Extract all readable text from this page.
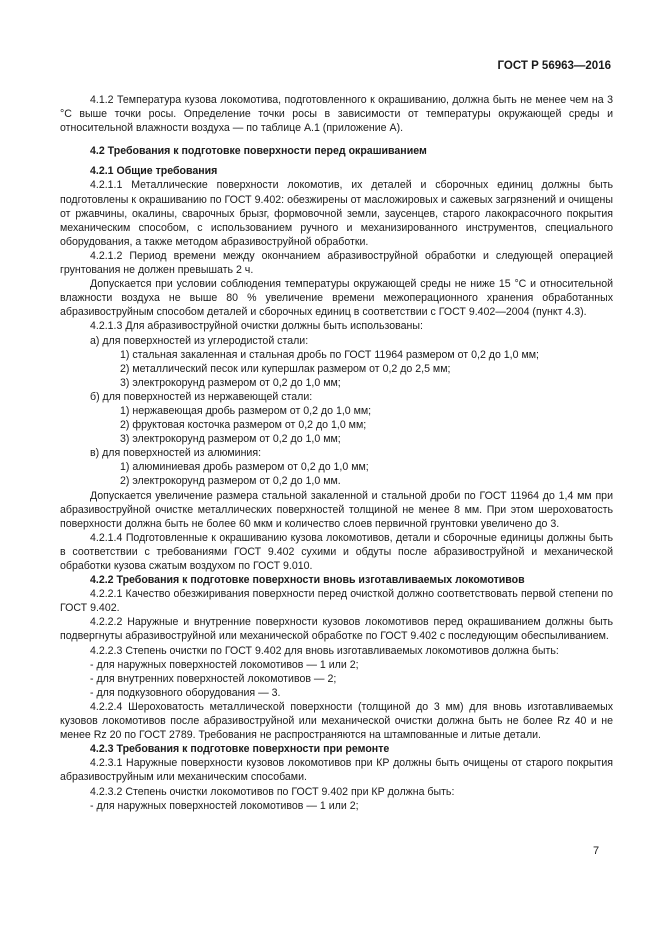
ГОСТ Р 56963—2016

4.1.2 Температура кузова локомотива, подготовленного к окрашиванию, должна быть не менее чем на 3 °С выше точки росы. Определение точки росы в зависимости от температуры окружающей среды и относительной влажности воздуха — по таблице А.1 (приложение А).

4.2 Требования к подготовке поверхности перед окрашиванием

4.2.1 Общие требования

4.2.1.1 Металлические поверхности локомотив, их деталей и сборочных единиц должны быть подготовлены к окрашиванию по ГОСТ 9.402: обезжирены от масложировых и сажевых загрязнений и очищены от ржавчины, окалины, сварочных брызг, формовочной земли, заусенцев, старого лакокрасочного покрытия механическим способом, с использованием ручного и механизированного инструментов, специального оборудования, а также методом абразивоструйной обработки.

4.2.1.2 Период времени между окончанием абразивоструйной обработки и следующей операцией грунтования не должен превышать 2 ч.

Допускается при условии соблюдения температуры окружающей среды не ниже 15 °С и относительной влажности воздуха не выше 80 % увеличение времени межоперационного хранения обработанных абразивоструйным способом деталей и сборочных единиц в соответствии с ГОСТ 9.402—2004 (пункт 4.3).

4.2.1.3 Для абразивоструйной очистки должны быть использованы:

а) для поверхностей из углеродистой стали:

1) стальная закаленная и стальная дробь по ГОСТ 11964 размером от 0,2 до 1,0 мм;

2) металлический песок или купершлак размером от 0,2 до 2,5 мм;

3) электрокорунд размером от 0,2 до 1,0 мм;

б) для поверхностей из нержавеющей стали:

1) нержавеющая дробь размером от 0,2 до 1,0 мм;

2) фруктовая косточка размером от 0,2 до 1,0 мм;

3) электрокорунд размером от 0,2 до 1,0 мм;

в) для поверхностей из алюминия:

1) алюминиевая дробь размером от 0,2 до 1,0 мм;

2) электрокорунд размером от 0,2 до 1,0 мм.

Допускается увеличение размера стальной закаленной и стальной дроби по ГОСТ 11964 до 1,4 мм при абразивоструйной очистке металлических поверхностей толщиной не менее 8 мм. При этом шероховатость поверхности должна быть не более 60 мкм и количество слоев первичной грунтовки увеличено до 3.

4.2.1.4 Подготовленные к окрашиванию кузова локомотивов, детали и сборочные единицы должны быть в соответствии с требованиями ГОСТ 9.402 сухими и обдуты после абразивоструйной и механической обработки кузова сжатым воздухом по ГОСТ 9.010.

4.2.2 Требования к подготовке поверхности вновь изготавливаемых локомотивов

4.2.2.1 Качество обезжиривания поверхности перед очисткой должно соответствовать первой степени по ГОСТ 9.402.

4.2.2.2 Наружные и внутренние поверхности кузовов локомотивов перед окрашиванием должны быть подвергнуты абразивоструйной или механической обработке по ГОСТ 9.402 с последующим обеспыливанием.

4.2.2.3 Степень очистки по ГОСТ 9.402 для вновь изготавливаемых локомотивов должна быть:

- для наружных поверхностей локомотивов — 1 или 2;

- для внутренних поверхностей локомотивов — 2;

- для подкузовного оборудования — 3.

4.2.2.4 Шероховатость металлической поверхности (толщиной до 3 мм) для вновь изготавливаемых кузовов локомотивов после абразивоструйной или механической очистки должна быть не более Rz 40 и не менее Rz 20 по ГОСТ 2789. Требования не распространяются на штампованные и литые детали.

4.2.3 Требования к подготовке поверхности при ремонте

4.2.3.1 Наружные поверхности кузовов локомотивов при КР должны быть очищены от старого покрытия абразивоструйным или механическим способами.

4.2.3.2 Степень очистки локомотивов по ГОСТ 9.402 при КР должна быть:

- для наружных поверхностей локомотивов — 1 или 2;

7
